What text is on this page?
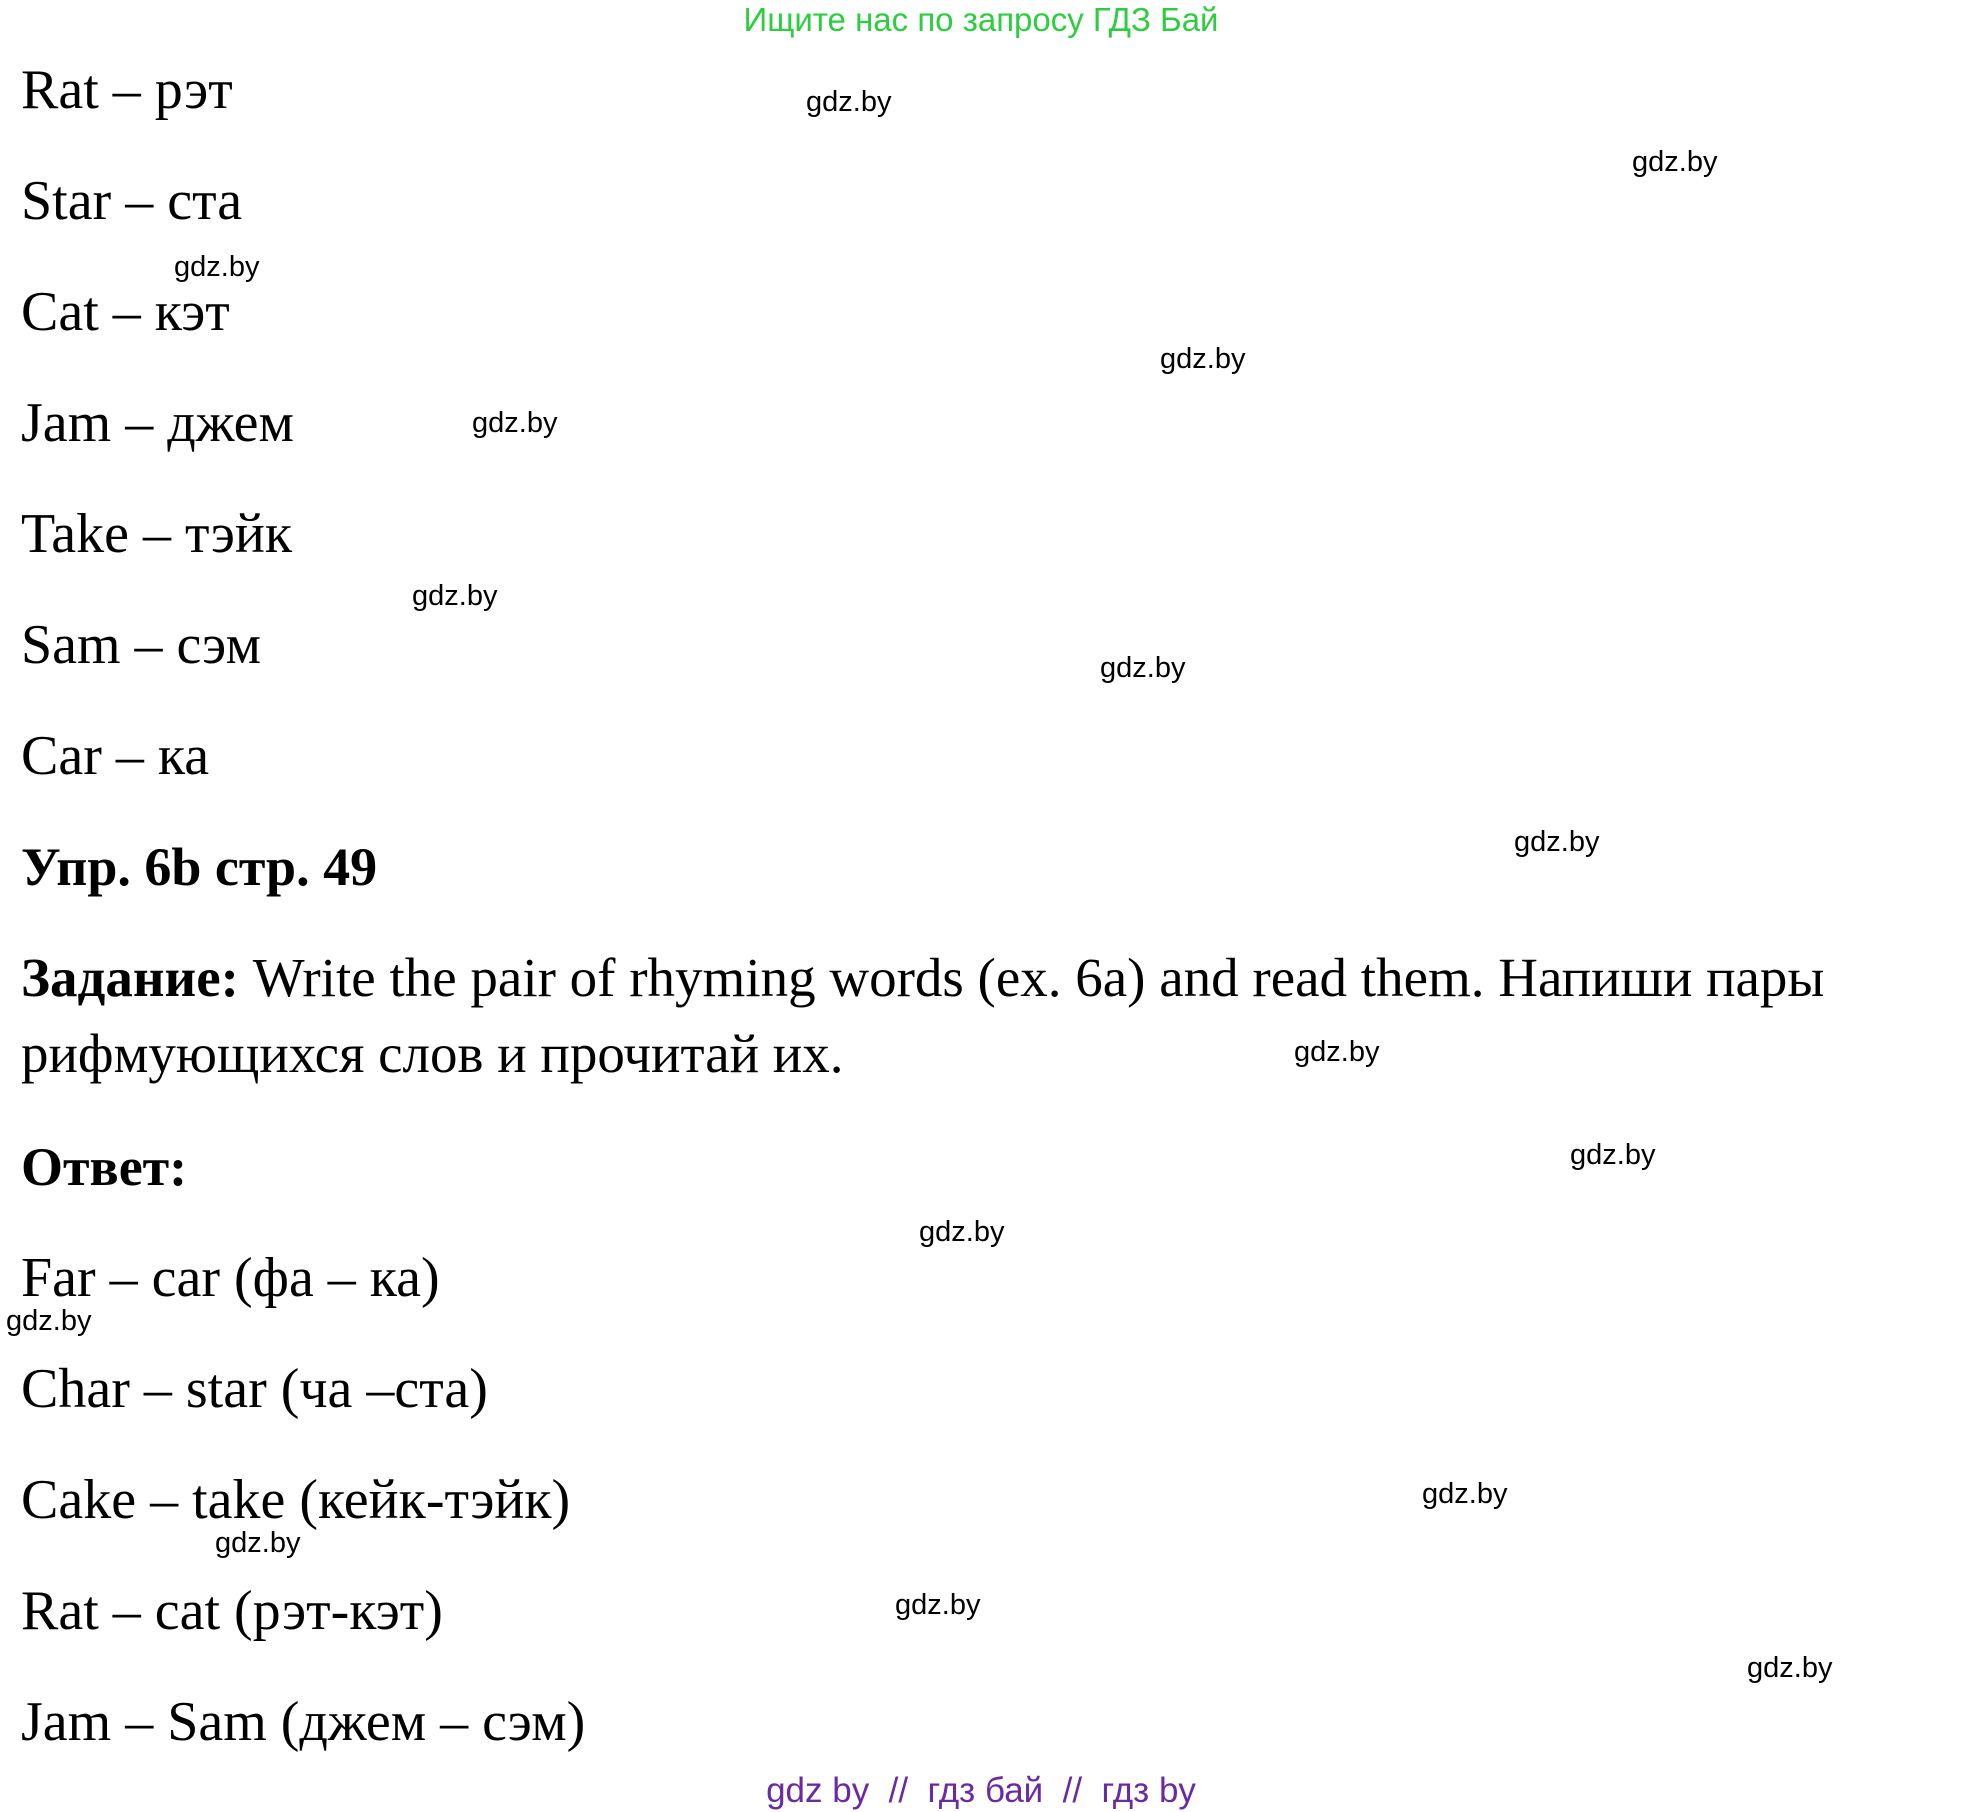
Ищите нас по запросу ГДЗ Бай
Rat – рэт
Star – ста
Cat – кэт
Jam – джем
Take – тэйк
Sam – сэм
Car – ка
Упр. 6b стр. 49
Задание: Write the pair of rhyming words (ex. 6a) and read them. Напиши пары рифмующихся слов и прочитай их.
Ответ:
Far – car (фа – ка)
Char – star (ча –ста)
Cake – take (кейк-тэйк)
Rat – cat (рэт-кэт)
Jam – Sam (джем – сэм)
gdz.by
gdz.by
gdz.by
gdz.by
gdz.by
gdz.by
gdz.by
gdz.by
gdz.by
gdz.by
gdz.by
gdz.by
gdz.by
gdz.by
gdz.by
gdz.by
gdz by  //  гдз бай  //  гдз by
